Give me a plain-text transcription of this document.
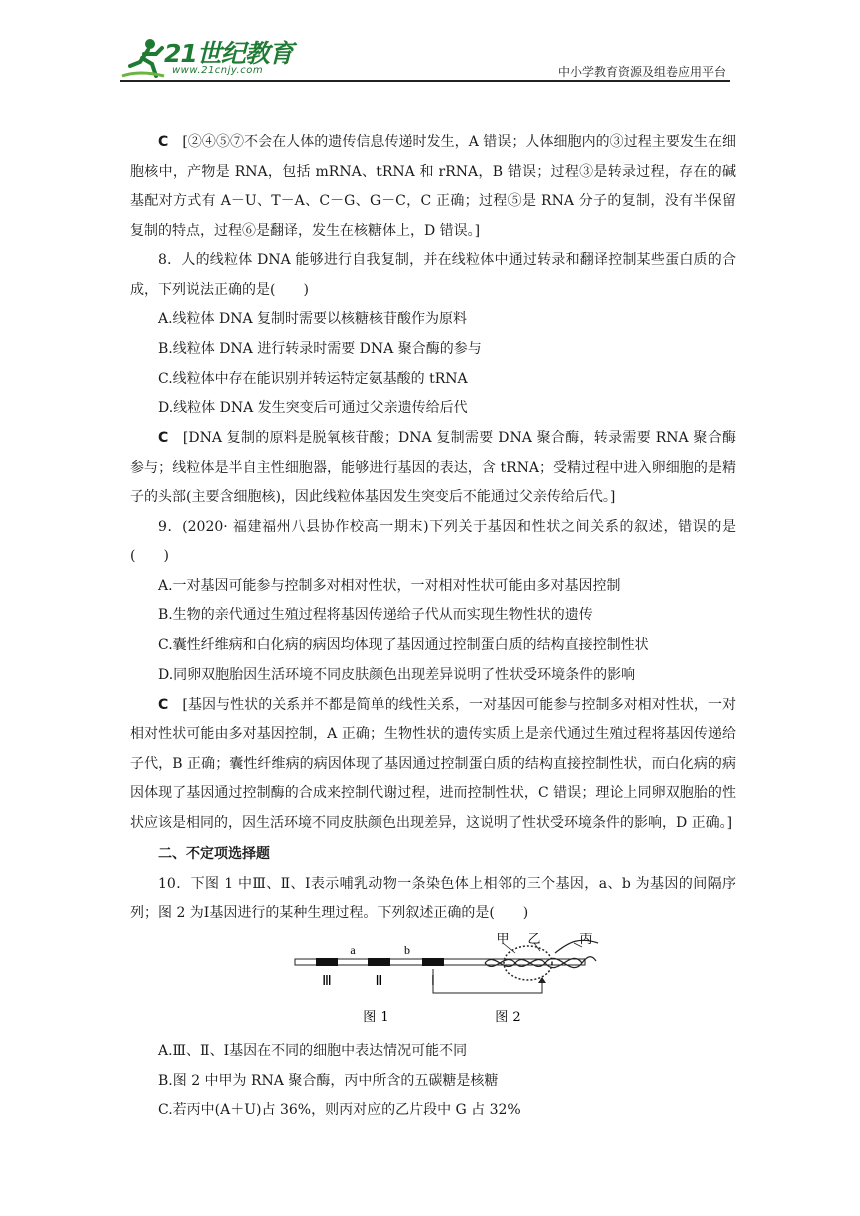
21世纪教育
www.21cnjy.com	中小学教育资源及组卷应用平台

C　 [②④⑤⑦不会在人体的遗传信息传递时发生，A 错误；人体细胞内的③过程主要发生在细胞核中，产物是 RNA，包括 mRNA、tRNA 和 rRNA，B 错误；过程③是转录过程，存在的碱基配对方式有 A－U、T－A、C－G、G－C，C 正确；过程⑤是 RNA 分子的复制，没有半保留复制的特点，过程⑥是翻译，发生在核糖体上，D 错误。]

8．人的线粒体 DNA 能够进行自我复制，并在线粒体中通过转录和翻译控制某些蛋白质的合成，下列说法正确的是(　　)

A.线粒体 DNA 复制时需要以核糖核苷酸作为原料

B.线粒体 DNA 进行转录时需要 DNA 聚合酶的参与

C.线粒体中存在能识别并转运特定氨基酸的 tRNA

D.线粒体 DNA 发生突变后可通过父亲遗传给后代

C　 [DNA 复制的原料是脱氧核苷酸；DNA 复制需要 DNA 聚合酶，转录需要 RNA 聚合酶参与；线粒体是半自主性细胞器，能够进行基因的表达，含 tRNA；受精过程中进入卵细胞的是精子的头部(主要含细胞核)，因此线粒体基因发生突变后不能通过父亲传给后代。]

9．(2020· 福建福州八县协作校高一期末)下列关于基因和性状之间关系的叙述，错误的是(　　)

A.一对基因可能参与控制多对相对性状，一对相对性状可能由多对基因控制

B.生物的亲代通过生殖过程将基因传递给子代从而实现生物性状的遗传

C.囊性纤维病和白化病的病因均体现了基因通过控制蛋白质的结构直接控制性状

D.同卵双胞胎因生活环境不同皮肤颜色出现差异说明了性状受环境条件的影响

C　 [基因与性状的关系并不都是简单的线性关系，一对基因可能参与控制多对相对性状，一对相对性状可能由多对基因控制，A 正确；生物性状的遗传实质上是亲代通过生殖过程将基因传递给子代，B 正确；囊性纤维病的病因体现了基因通过控制蛋白质的结构直接控制性状，而白化病的病因体现了基因通过控制酶的合成来控制代谢过程，进而控制性状，C 错误；理论上同卵双胞胎的性状应该是相同的，因生活环境不同皮肤颜色出现差异，这说明了性状受环境条件的影响，D 正确。]

二、不定项选择题

10．下图 1 中Ⅲ、Ⅱ、Ⅰ表示哺乳动物一条染色体上相邻的三个基因，a、b 为基因的间隔序列；图 2 为Ⅰ基因进行的某种生理过程。下列叙述正确的是(　　)

Ⅲ	Ⅱ	Ⅰ
a	b
甲 乙	丙
图 1	图 2

A.Ⅲ、Ⅱ、Ⅰ基因在不同的细胞中表达情况可能不同

B.图 2 中甲为 RNA 聚合酶，丙中所含的五碳糖是核糖

C.若丙中(A＋U)占 36%，则丙对应的乙片段中 G 占 32%
